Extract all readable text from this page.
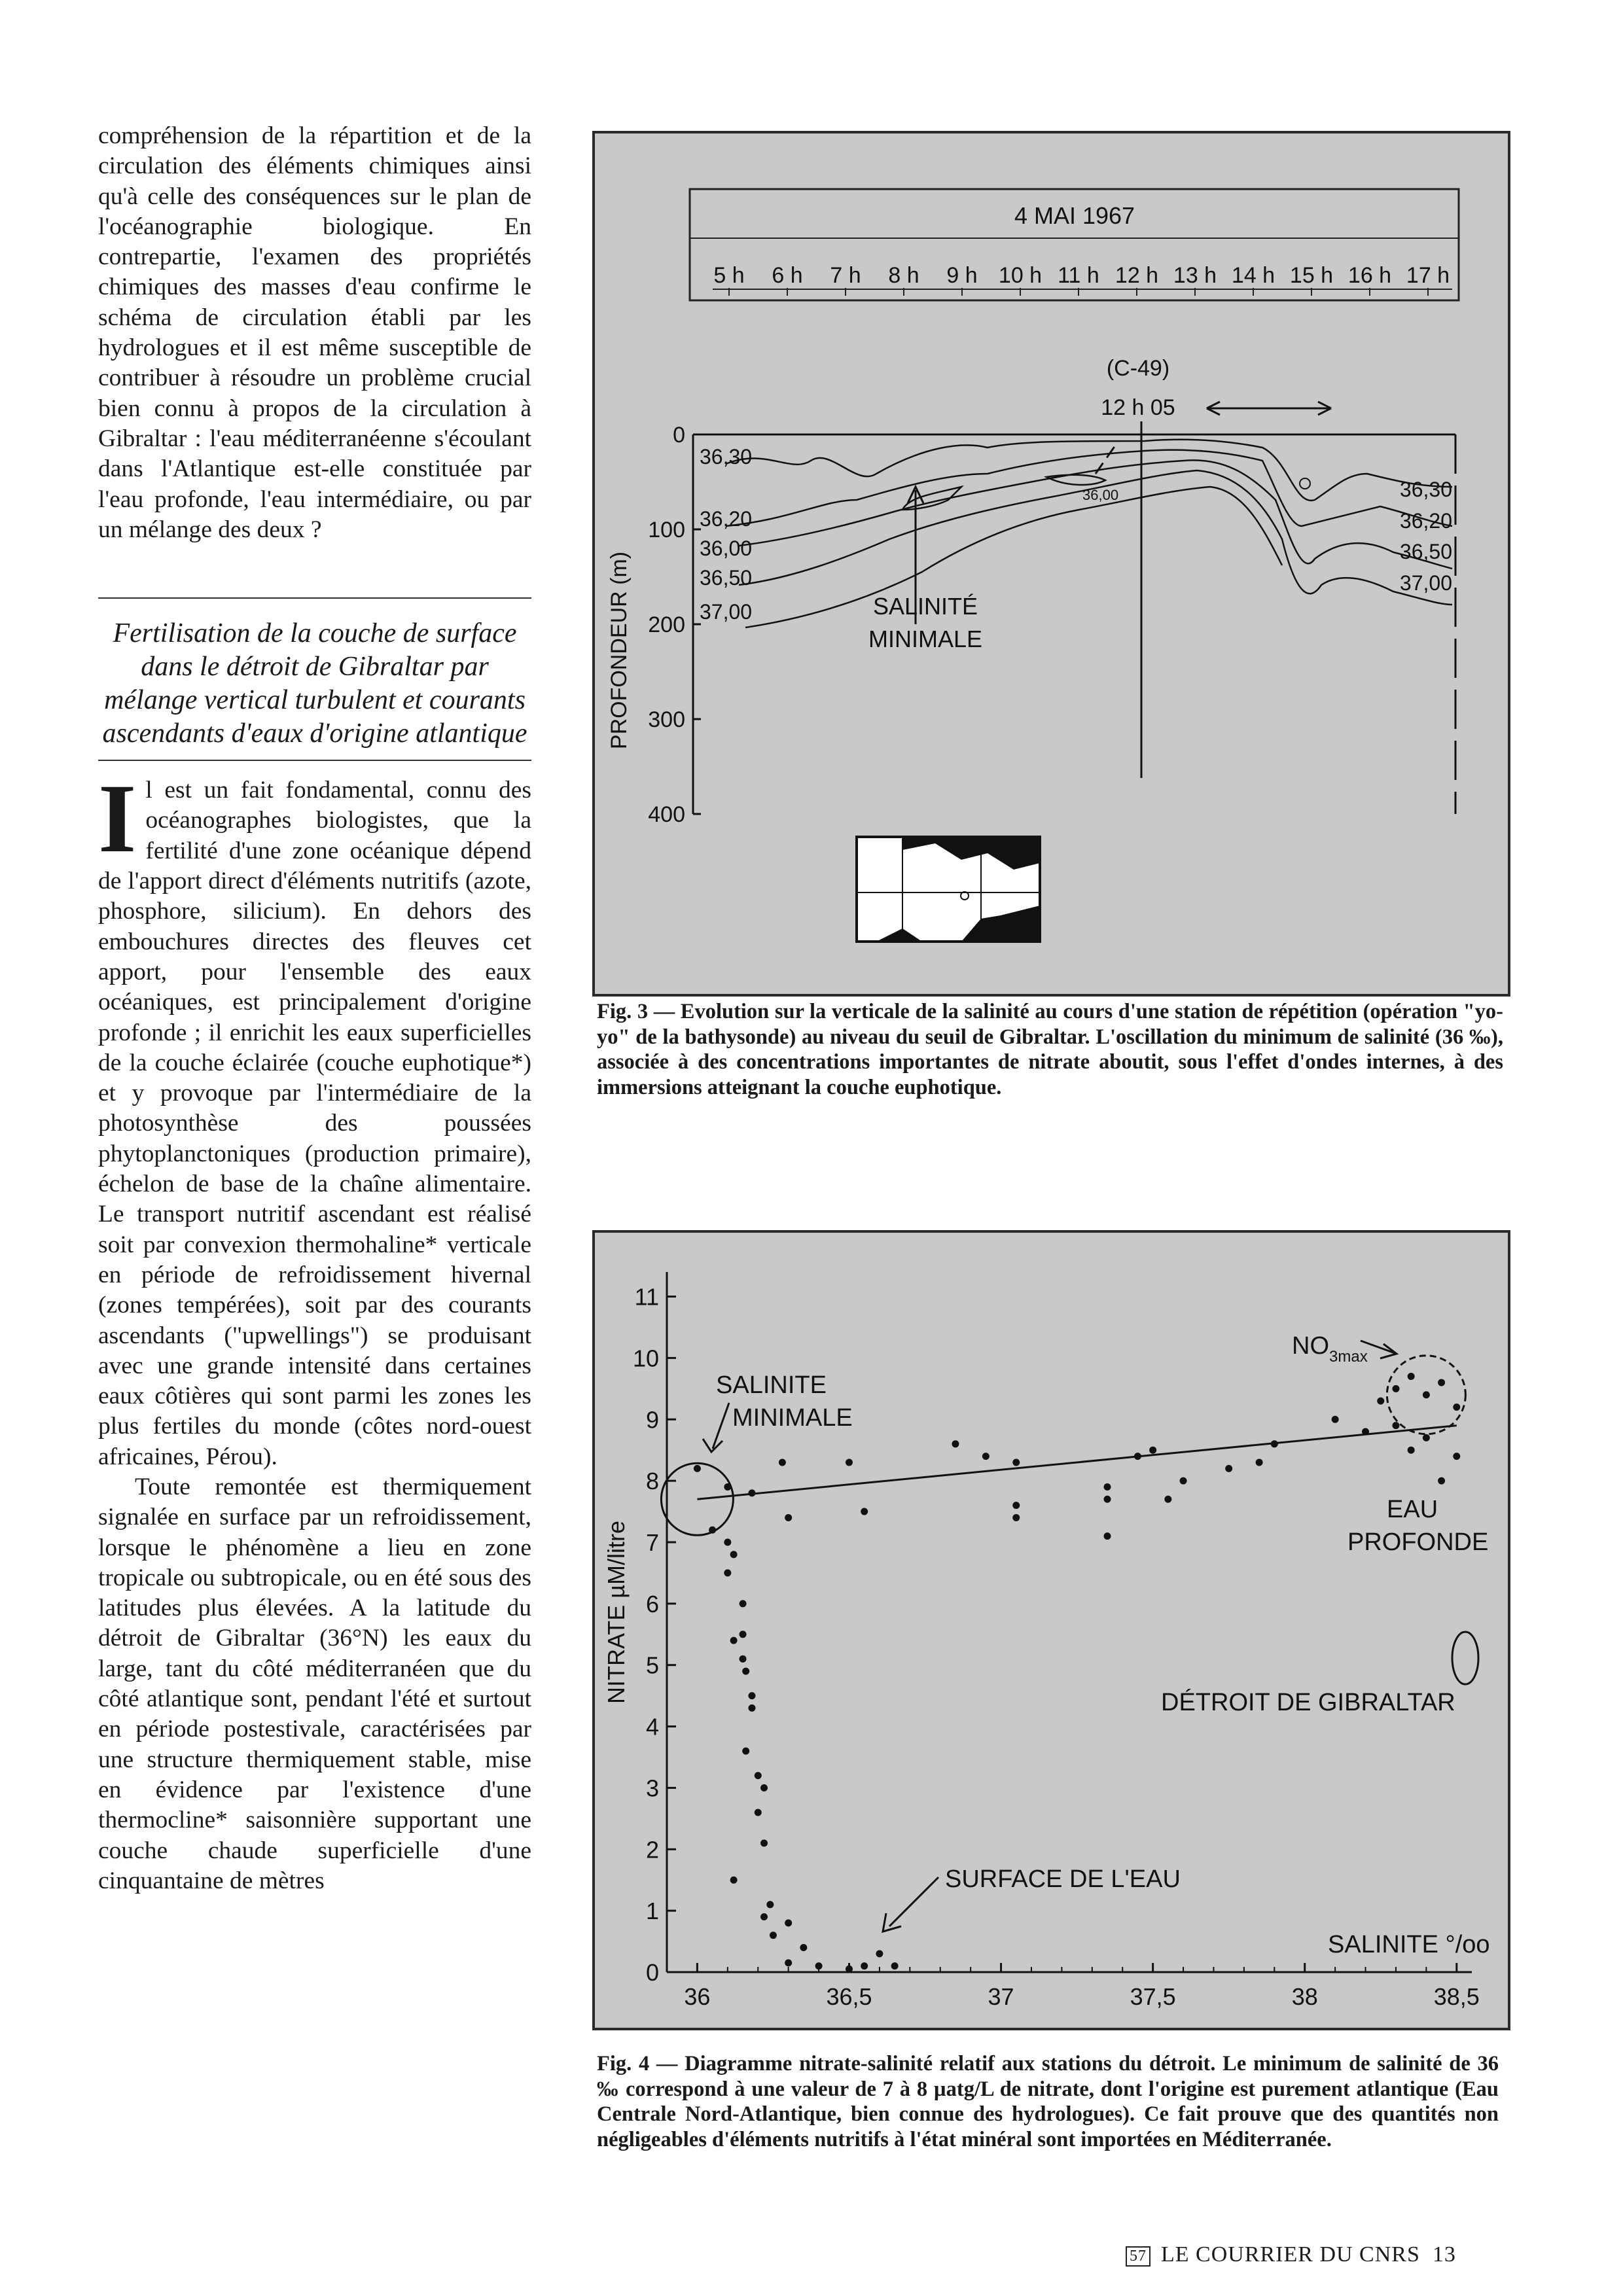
compréhension de la répartition et de la circulation des éléments chimiques ainsi qu'à celle des conséquences sur le plan de l'océanographie biologique. En contrepartie, l'examen des propriétés chimiques des masses d'eau confirme le schéma de circulation établi par les hydrologues et il est même susceptible de contribuer à résoudre un problème crucial bien connu à propos de la circulation à Gibraltar : l'eau méditerranéenne s'écoulant dans l'Atlantique est-elle constituée par l'eau profonde, l'eau intermédiaire, ou par un mélange des deux ?

Fertilisation de la couche de surface dans le détroit de Gibraltar par mélange vertical turbulent et courants ascendants d'eaux d'origine atlantique

I l est un fait fondamental, connu des océanographes biologistes, que la fertilité d'une zone océanique dépend de l'apport direct d'éléments nutritifs (azote, phosphore, silicium). En dehors des embouchures directes des fleuves cet apport, pour l'ensemble des eaux océaniques, est principalement d'origine profonde ; il enrichit les eaux superficielles de la couche éclairée (couche euphotique*) et y provoque par l'intermédiaire de la photosynthèse des poussées phytoplanctoniques (production primaire), échelon de base de la chaîne alimentaire. Le transport nutritif ascendant est réalisé soit par convexion thermohaline* verticale en période de refroidissement hivernal (zones tempérées), soit par des courants ascendants ("upwellings") se produisant avec une grande intensité dans certaines eaux côtières qui sont parmi les zones les plus fertiles du monde (côtes nord-ouest africaines, Pérou).

Toute remontée est thermiquement signalée en surface par un refroidissement, lorsque le phénomène a lieu en zone tropicale ou subtropicale, ou en été sous des latitudes plus élevées. A la latitude du détroit de Gibraltar (36°N) les eaux du large, tant du côté méditerranéen que du côté atlantique sont, pendant l'été et surtout en période postestivale, caractérisées par une structure thermiquement stable, mise en évidence par l'existence d'une thermocline* saisonnière supportant une couche chaude superficielle d'une cinquantaine de mètres

4 MAI 1967
5 h 6 h 7 h 8 h 9 h 10 h 11 h 12 h 13 h 14 h 15 h 16 h 17 h
(C-49)
12 h 05
0
100
200
300
400
PROFONDEUR (m)
36,00
36,30
36,20
36,00
36,50
37,00
36,30
36,20
36,50
37,00
SALINITÉ
MINIMALE

Fig. 3 — Evolution sur la verticale de la salinité au cours d'une station de répétition (opération "yo-yo" de la bathysonde) au niveau du seuil de Gibraltar. L'oscillation du minimum de salinité (36 ‰), associée à des concentrations importantes de nitrate aboutit, sous l'effet d'ondes internes, à des immersions atteignant la couche euphotique.

36	36,5	37	37,5	38	38,5
0
1
2
3
4
5
6
7
8
9
10
11
NITRATE µM/litre
SALINITE °/oo
SALINITE
MINIMALE
$NO_{3max}$
EAU
PROFONDE
DÉTROIT DE GIBRALTAR
SURFACE DE L'EAU

Fig. 4 — Diagramme nitrate-salinité relatif aux stations du détroit. Le minimum de salinité de 36 ‰ correspond à une valeur de 7 à 8 µatg/L de nitrate, dont l'origine est purement atlantique (Eau Centrale Nord-Atlantique, bien connue des hydrologues). Ce fait prouve que des quantités non négligeables d'éléments nutritifs à l'état minéral sont importées en Méditerranée.

57 LE COURRIER DU CNRS 13
